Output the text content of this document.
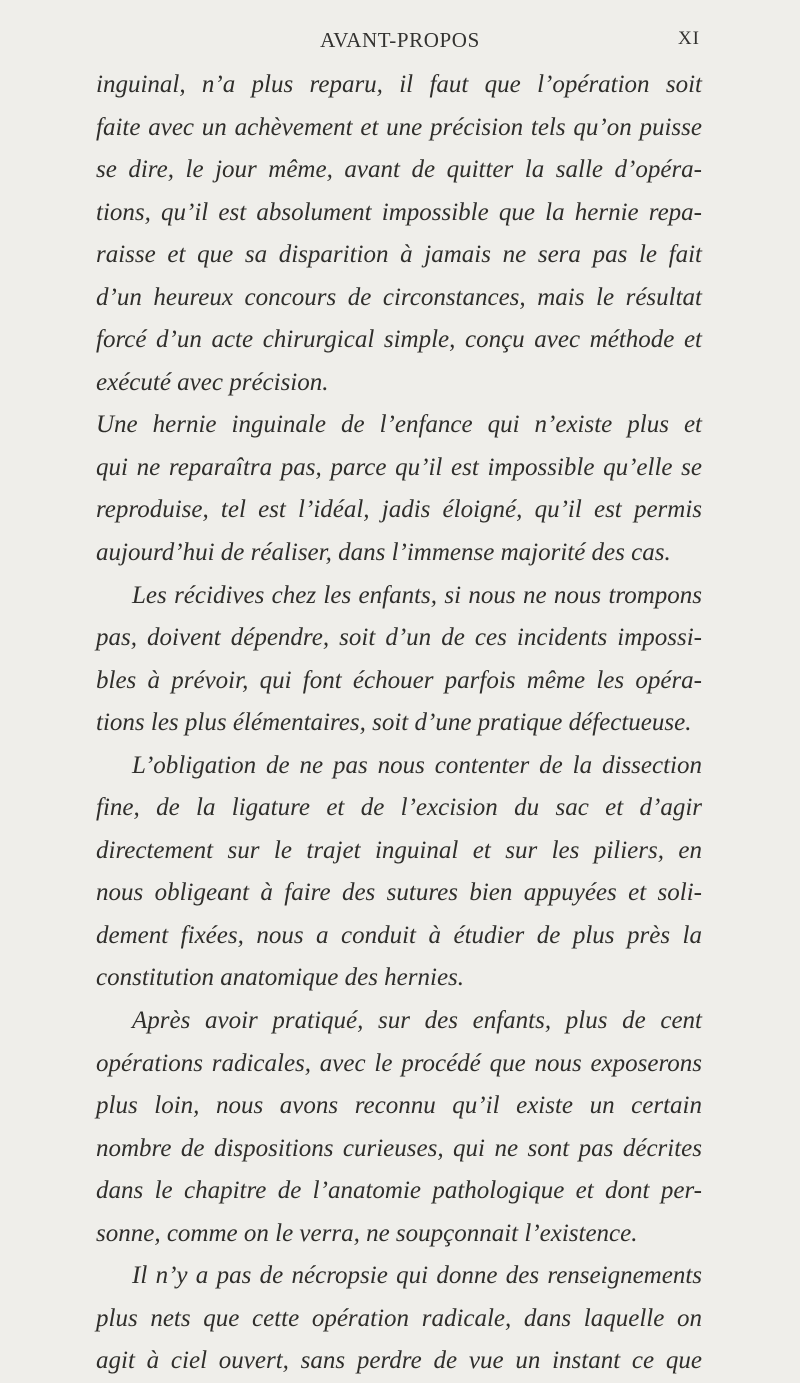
AVANT-PROPOS	XI
inguinal, n’a plus reparu, il faut que l’opération soit
faite avec un achèvement et une précision tels qu’on puisse
se dire, le jour même, avant de quitter la salle d’opéra-
tions, qu’il est absolument impossible que la hernie repa-
raisse et que sa disparition à jamais ne sera pas le fait
d’un heureux concours de circonstances, mais le résultat
forcé d’un acte chirurgical simple, conçu avec méthode et
exécuté avec précision.
Une hernie inguinale de l’enfance qui n’existe plus et
qui ne reparaîtra pas, parce qu’il est impossible qu’elle se
reproduise, tel est l’idéal, jadis éloigné, qu’il est permis
aujourd’hui de réaliser, dans l’immense majorité des cas.
Les récidives chez les enfants, si nous ne nous trompons
pas, doivent dépendre, soit d’un de ces incidents impossi-
bles à prévoir, qui font échouer parfois même les opéra-
tions les plus élémentaires, soit d’une pratique défectueuse.
L’obligation de ne pas nous contenter de la dissection
fine, de la ligature et de l’excision du sac et d’agir
directement sur le trajet inguinal et sur les piliers, en
nous obligeant à faire des sutures bien appuyées et soli-
dement fixées, nous a conduit à étudier de plus près la
constitution anatomique des hernies.
Après avoir pratiqué, sur des enfants, plus de cent
opérations radicales, avec le procédé que nous exposerons
plus loin, nous avons reconnu qu’il existe un certain
nombre de dispositions curieuses, qui ne sont pas décrites
dans le chapitre de l’anatomie pathologique et dont per-
sonne, comme on le verra, ne soupçonnait l’existence.
Il n’y a pas de nécropsie qui donne des renseignements
plus nets que cette opération radicale, dans laquelle on
agit à ciel ouvert, sans perdre de vue un instant ce que
